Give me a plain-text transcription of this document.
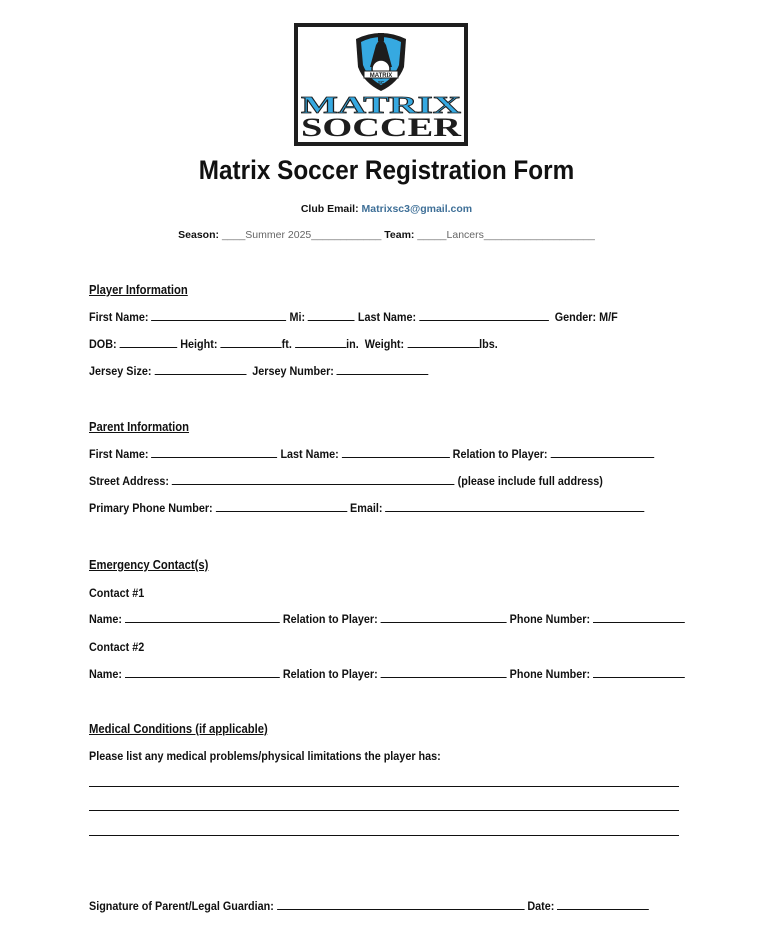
MATRIX
SC
MATRIX
SOCCER
Matrix Soccer Registration Form
Club Email: Matrixsc3@gmail.com
Season: ____Summer 2025____________ Team: _____Lancers___________________
Player Information
First Name:	Mi:	Last Name:	Gender: M/F
DOB:	Height:	ft.	in. Weight:	lbs.
Jersey Size:	Jersey Number:
Parent Information
First Name:	Last Name:	Relation to Player:
Street Address:	(please include full address)
Primary Phone Number:	Email:
Emergency Contact(s)
Contact #1
Name:	Relation to Player:	Phone Number:
Contact #2
Name:	Relation to Player:	Phone Number:
Medical Conditions (if applicable)
Please list any medical problems/physical limitations the player has:
Signature of Parent/Legal Guardian:	Date:
